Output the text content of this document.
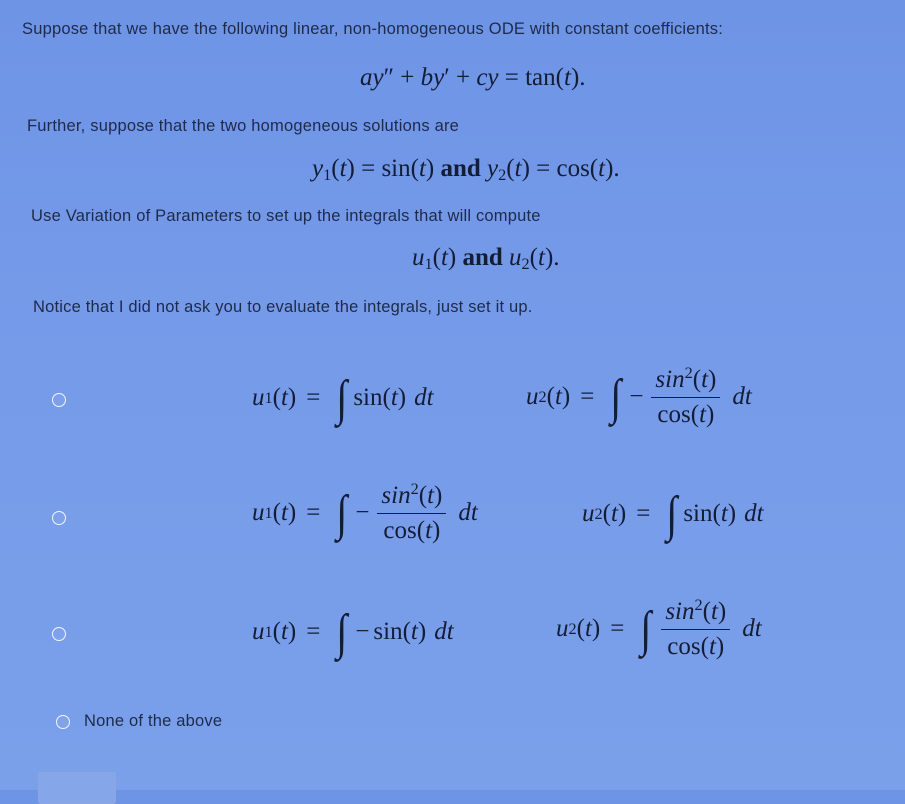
Suppose that we have the following linear, non-homogeneous ODE with constant coefficients:
ay″ + by′ + cy = tan(t).
Further, suppose that the two homogeneous solutions are
$y_1(t) = \sin(t)$ and $y_2(t) = \cos(t)$.
Use Variation of Parameters to set up the integrals that will compute
$u_1(t)$ and $u_2(t)$.
Notice that I did not ask you to evaluate the integrals, just set it up.
u 1 ( t ) = ∫ sin( t ) dt	u 2 ( t ) = ∫ − $\frac{\sin^2(t)}{\cos(t)}$ dt
u 1 ( t ) = ∫ − $\frac{\sin^2(t)}{\cos(t)}$ dt	u 2 ( t ) = ∫ sin( t ) dt
u 1 ( t ) = ∫ − sin( t ) dt	u 2 ( t ) = ∫ $\frac{\sin^2(t)}{\cos(t)}$ dt
None of the above
